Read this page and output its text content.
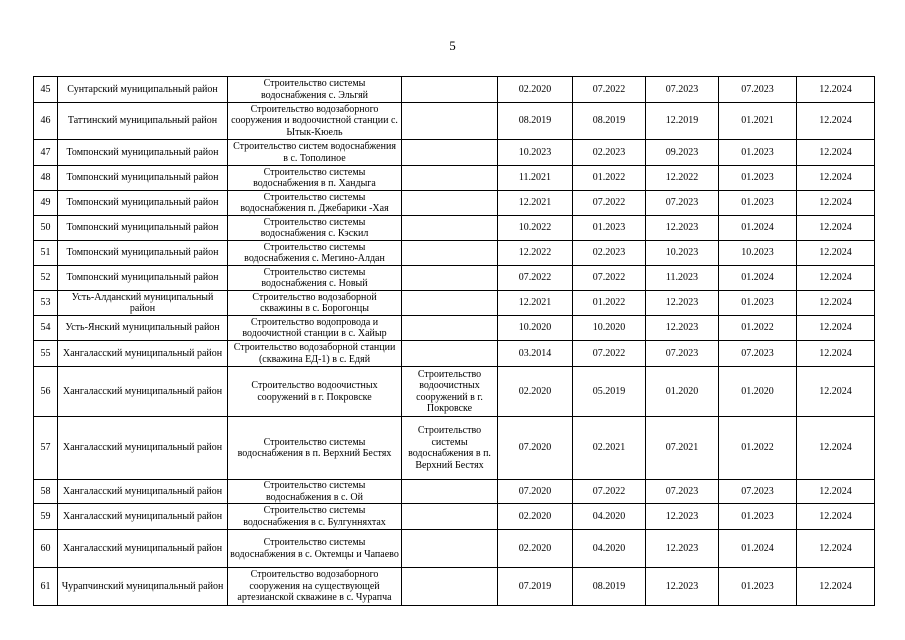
5
45	Сунтарский муниципальный район	Строительство системы водоснабжения с. Эльгяй		02.2020	07.2022	07.2023	07.2023	12.2024
46	Таттинский муниципальный район	Строительство водозаборного сооружения и водоочистной станции с. Ытык-Кюель		08.2019	08.2019	12.2019	01.2021	12.2024
47	Томпонский муниципальный район	Строительство систем водоснабжения в с. Тополиное		10.2023	02.2023	09.2023	01.2023	12.2024
48	Томпонский муниципальный район	Строительство системы водоснабжения в п. Хандыга		11.2021	01.2022	12.2022	01.2023	12.2024
49	Томпонский муниципальный район	Строительство системы водоснабжения п. Джебарики -Хая		12.2021	07.2022	07.2023	01.2023	12.2024
50	Томпонский муниципальный район	Строительство системы водоснабжения с. Кэскил		10.2022	01.2023	12.2023	01.2024	12.2024
51	Томпонский муниципальный район	Строительство системы водоснабжения с. Мегино-Алдан		12.2022	02.2023	10.2023	10.2023	12.2024
52	Томпонский муниципальный район	Строительство системы водоснабжения с. Новый		07.2022	07.2022	11.2023	01.2024	12.2024
53	Усть-Алданский муниципальный район	Строительство водозаборной скважины в с. Борогонцы		12.2021	01.2022	12.2023	01.2023	12.2024
54	Усть-Янский муниципальный район	Строительство водопровода и водоочистной станции в с. Хайыр		10.2020	10.2020	12.2023	01.2022	12.2024
55	Хангаласский муниципальный район	Строительство водозаборной станции (скважина ЕД-1) в с. Едяй		03.2014	07.2022	07.2023	07.2023	12.2024
56	Хангаласский муниципальный район	Строительство водоочистных сооружений в г. Покровске	Строительство водоочистных сооружений в г. Покровске	02.2020	05.2019	01.2020	01.2020	12.2024
57	Хангаласский муниципальный район	Строительство системы водоснабжения в п. Верхний Бестях	Строительство системы водоснабжения в п. Верхний Бестях	07.2020	02.2021	07.2021	01.2022	12.2024
58	Хангаласский муниципальный район	Строительство системы водоснабжения в с. Ой		07.2020	07.2022	07.2023	07.2023	12.2024
59	Хангаласский муниципальный район	Строительство системы водоснабжения в с. Булгунняхтах		02.2020	04.2020	12.2023	01.2023	12.2024
60	Хангаласский муниципальный район	Строительство системы водоснабжения в с. Октемцы и Чапаево		02.2020	04.2020	12.2023	01.2024	12.2024
61	Чурапчинский муниципальный район	Строительство водозаборного сооружения на существующей артезианской скважине в с. Чурапча		07.2019	08.2019	12.2023	01.2023	12.2024
